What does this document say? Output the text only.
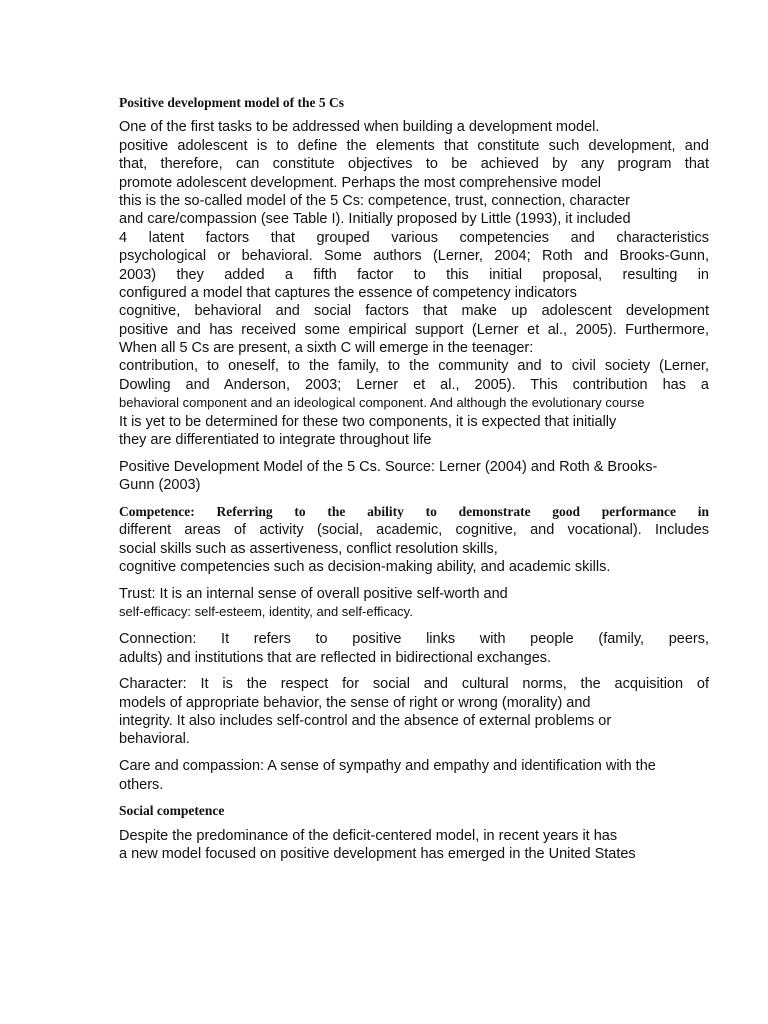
Positive development model of the 5 Cs
One of the first tasks to be addressed when building a development model.
positive adolescent is to define the elements that constitute such development, and
that, therefore, can constitute objectives to be achieved by any program that
promote adolescent development. Perhaps the most comprehensive model
this is the so-called model of the 5 Cs: competence, trust, connection, character
and care/compassion (see Table I). Initially proposed by Little (1993), it included
4 latent factors that grouped various competencies and characteristics
psychological or behavioral. Some authors (Lerner, 2004; Roth and Brooks-Gunn,
2003) they added a fifth factor to this initial proposal, resulting in
configured a model that captures the essence of competency indicators
cognitive, behavioral and social factors that make up adolescent development
positive and has received some empirical support (Lerner et al., 2005). Furthermore,
When all 5 Cs are present, a sixth C will emerge in the teenager:
contribution, to oneself, to the family, to the community and to civil society (Lerner,
Dowling and Anderson, 2003; Lerner et al., 2005). This contribution has a
behavioral component and an ideological component. And although the evolutionary course
It is yet to be determined for these two components, it is expected that initially
they are differentiated to integrate throughout life
Positive Development Model of the 5 Cs. Source: Lerner (2004) and Roth & Brooks-
Gunn (2003)
Competence: Referring to the ability to demonstrate good performance in
different areas of activity (social, academic, cognitive, and vocational). Includes
social skills such as assertiveness, conflict resolution skills,
cognitive competencies such as decision-making ability, and academic skills.
Trust: It is an internal sense of overall positive self-worth and
self-efficacy: self-esteem, identity, and self-efficacy.
Connection: It refers to positive links with people (family, peers,
adults) and institutions that are reflected in bidirectional exchanges.
Character: It is the respect for social and cultural norms, the acquisition of
models of appropriate behavior, the sense of right or wrong (morality) and
integrity. It also includes self-control and the absence of external problems or
behavioral.
Care and compassion: A sense of sympathy and empathy and identification with the
others.
Social competence
Despite the predominance of the deficit-centered model, in recent years it has
a new model focused on positive development has emerged in the United States
